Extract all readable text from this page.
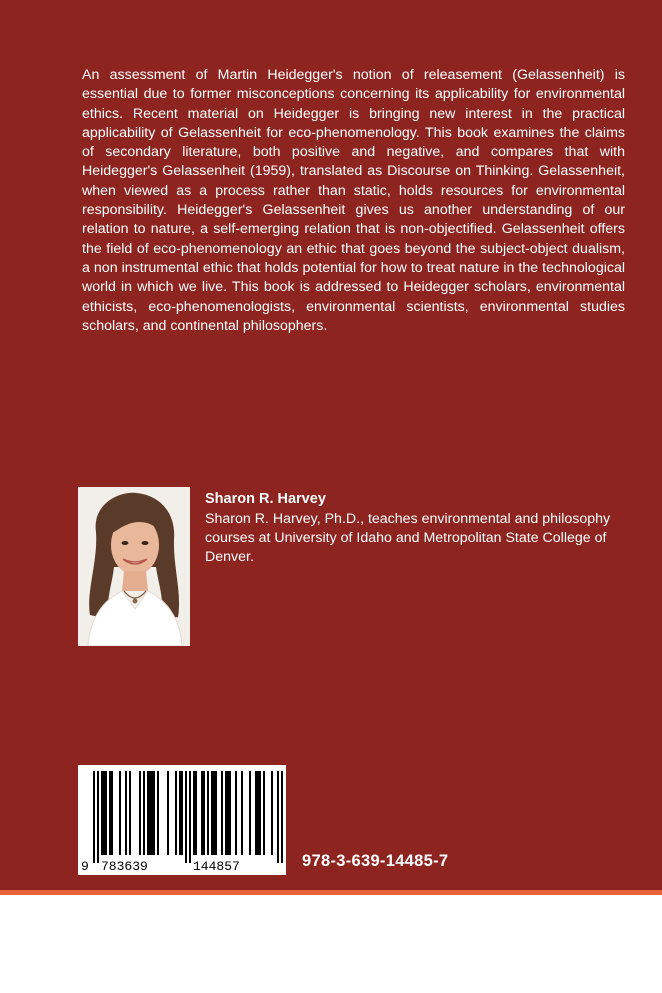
An assessment of Martin Heidegger's notion of releasement (Gelassenheit) is essential due to former misconceptions concerning its applicability for environmental ethics. Recent material on Heidegger is bringing new interest in the practical applicability of Gelassenheit for eco-phenomenology. This book examines the claims of secondary literature, both positive and negative, and compares that with Heidegger's Gelassenheit (1959), translated as Discourse on Thinking. Gelassenheit, when viewed as a process rather than static, holds resources for environmental responsibility. Heidegger's Gelassenheit gives us another understanding of our relation to nature, a self-emerging relation that is non-objectified. Gelassenheit offers the field of eco-phenomenology an ethic that goes beyond the subject-object dualism, a non instrumental ethic that holds potential for how to treat nature in the technological world in which we live. This book is addressed to Heidegger scholars, environmental ethicists, eco-phenomenologists, environmental scientists, environmental studies scholars, and continental philosophers.

Sharon R. Harvey

Sharon R. Harvey, Ph.D., teaches environmental and philosophy courses at University of Idaho and Metropolitan State College of Denver.

9 783639	144857	978-3-639-14485-7
